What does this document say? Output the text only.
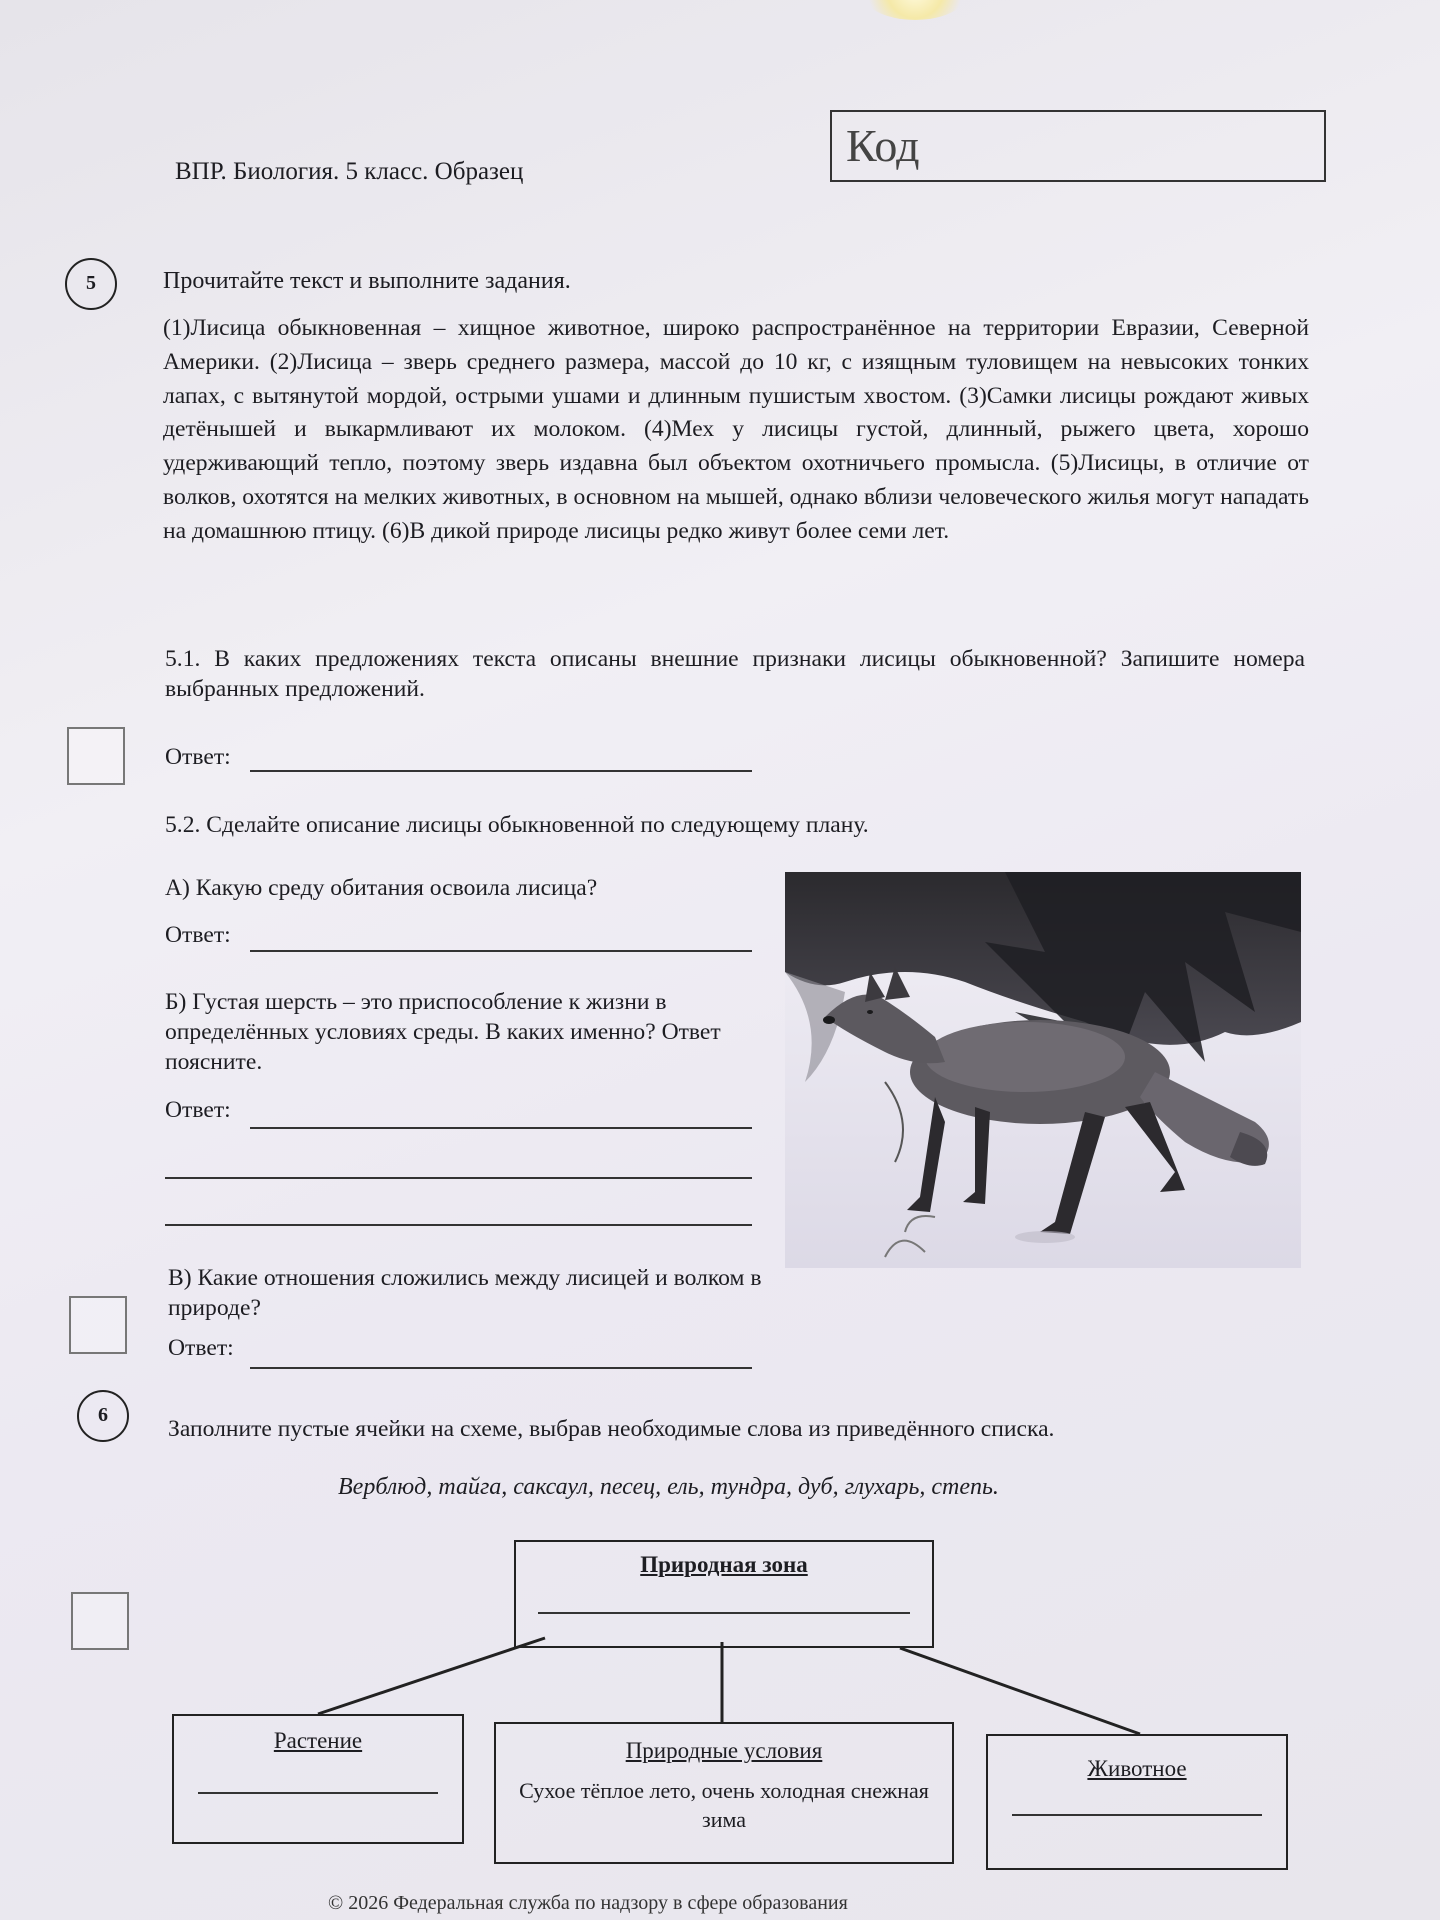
ВПР. Биология. 5 класс. Образец
Код
5	Прочитайте текст и выполните задания.
(1)Лисица обыкновенная – хищное животное, широко распространённое на территории Евразии, Северной Америки. (2)Лисица – зверь среднего размера, массой до 10 кг, с изящным туловищем на невысоких тонких лапах, с вытянутой мордой, острыми ушами и длинным пушистым хвостом. (3)Самки лисицы рождают живых детёнышей и выкармливают их молоком. (4)Мех у лисицы густой, длинный, рыжего цвета, хорошо удерживающий тепло, поэтому зверь издавна был объектом охотничьего промысла. (5)Лисицы, в отличие от волков, охотятся на мелких животных, в основном на мышей, однако вблизи человеческого жилья могут нападать на домашнюю птицу. (6)В дикой природе лисицы редко живут более семи лет.
5.1. В каких предложениях текста описаны внешние признаки лисицы обыкновенной? Запишите номера выбранных предложений.
Ответ:
5.2. Сделайте описание лисицы обыкновенной по следующему плану.
А) Какую среду обитания освоила лисица?
Ответ:
Б) Густая шерсть – это приспособление к жизни в определённых условиях среды. В каких именно? Ответ поясните.
Ответ:
В) Какие отношения сложились между лисицей и волком в природе?
Ответ:
6
Заполните пустые ячейки на схеме, выбрав необходимые слова из приведённого списка.
Верблюд, тайга, саксаул, песец, ель, тундра, дуб, глухарь, степь.
Природная зона
Растение	Природные условия
Сухое тёплое лето, очень холодная снежная зима
Животное
© 2026 Федеральная служба по надзору в сфере образования
